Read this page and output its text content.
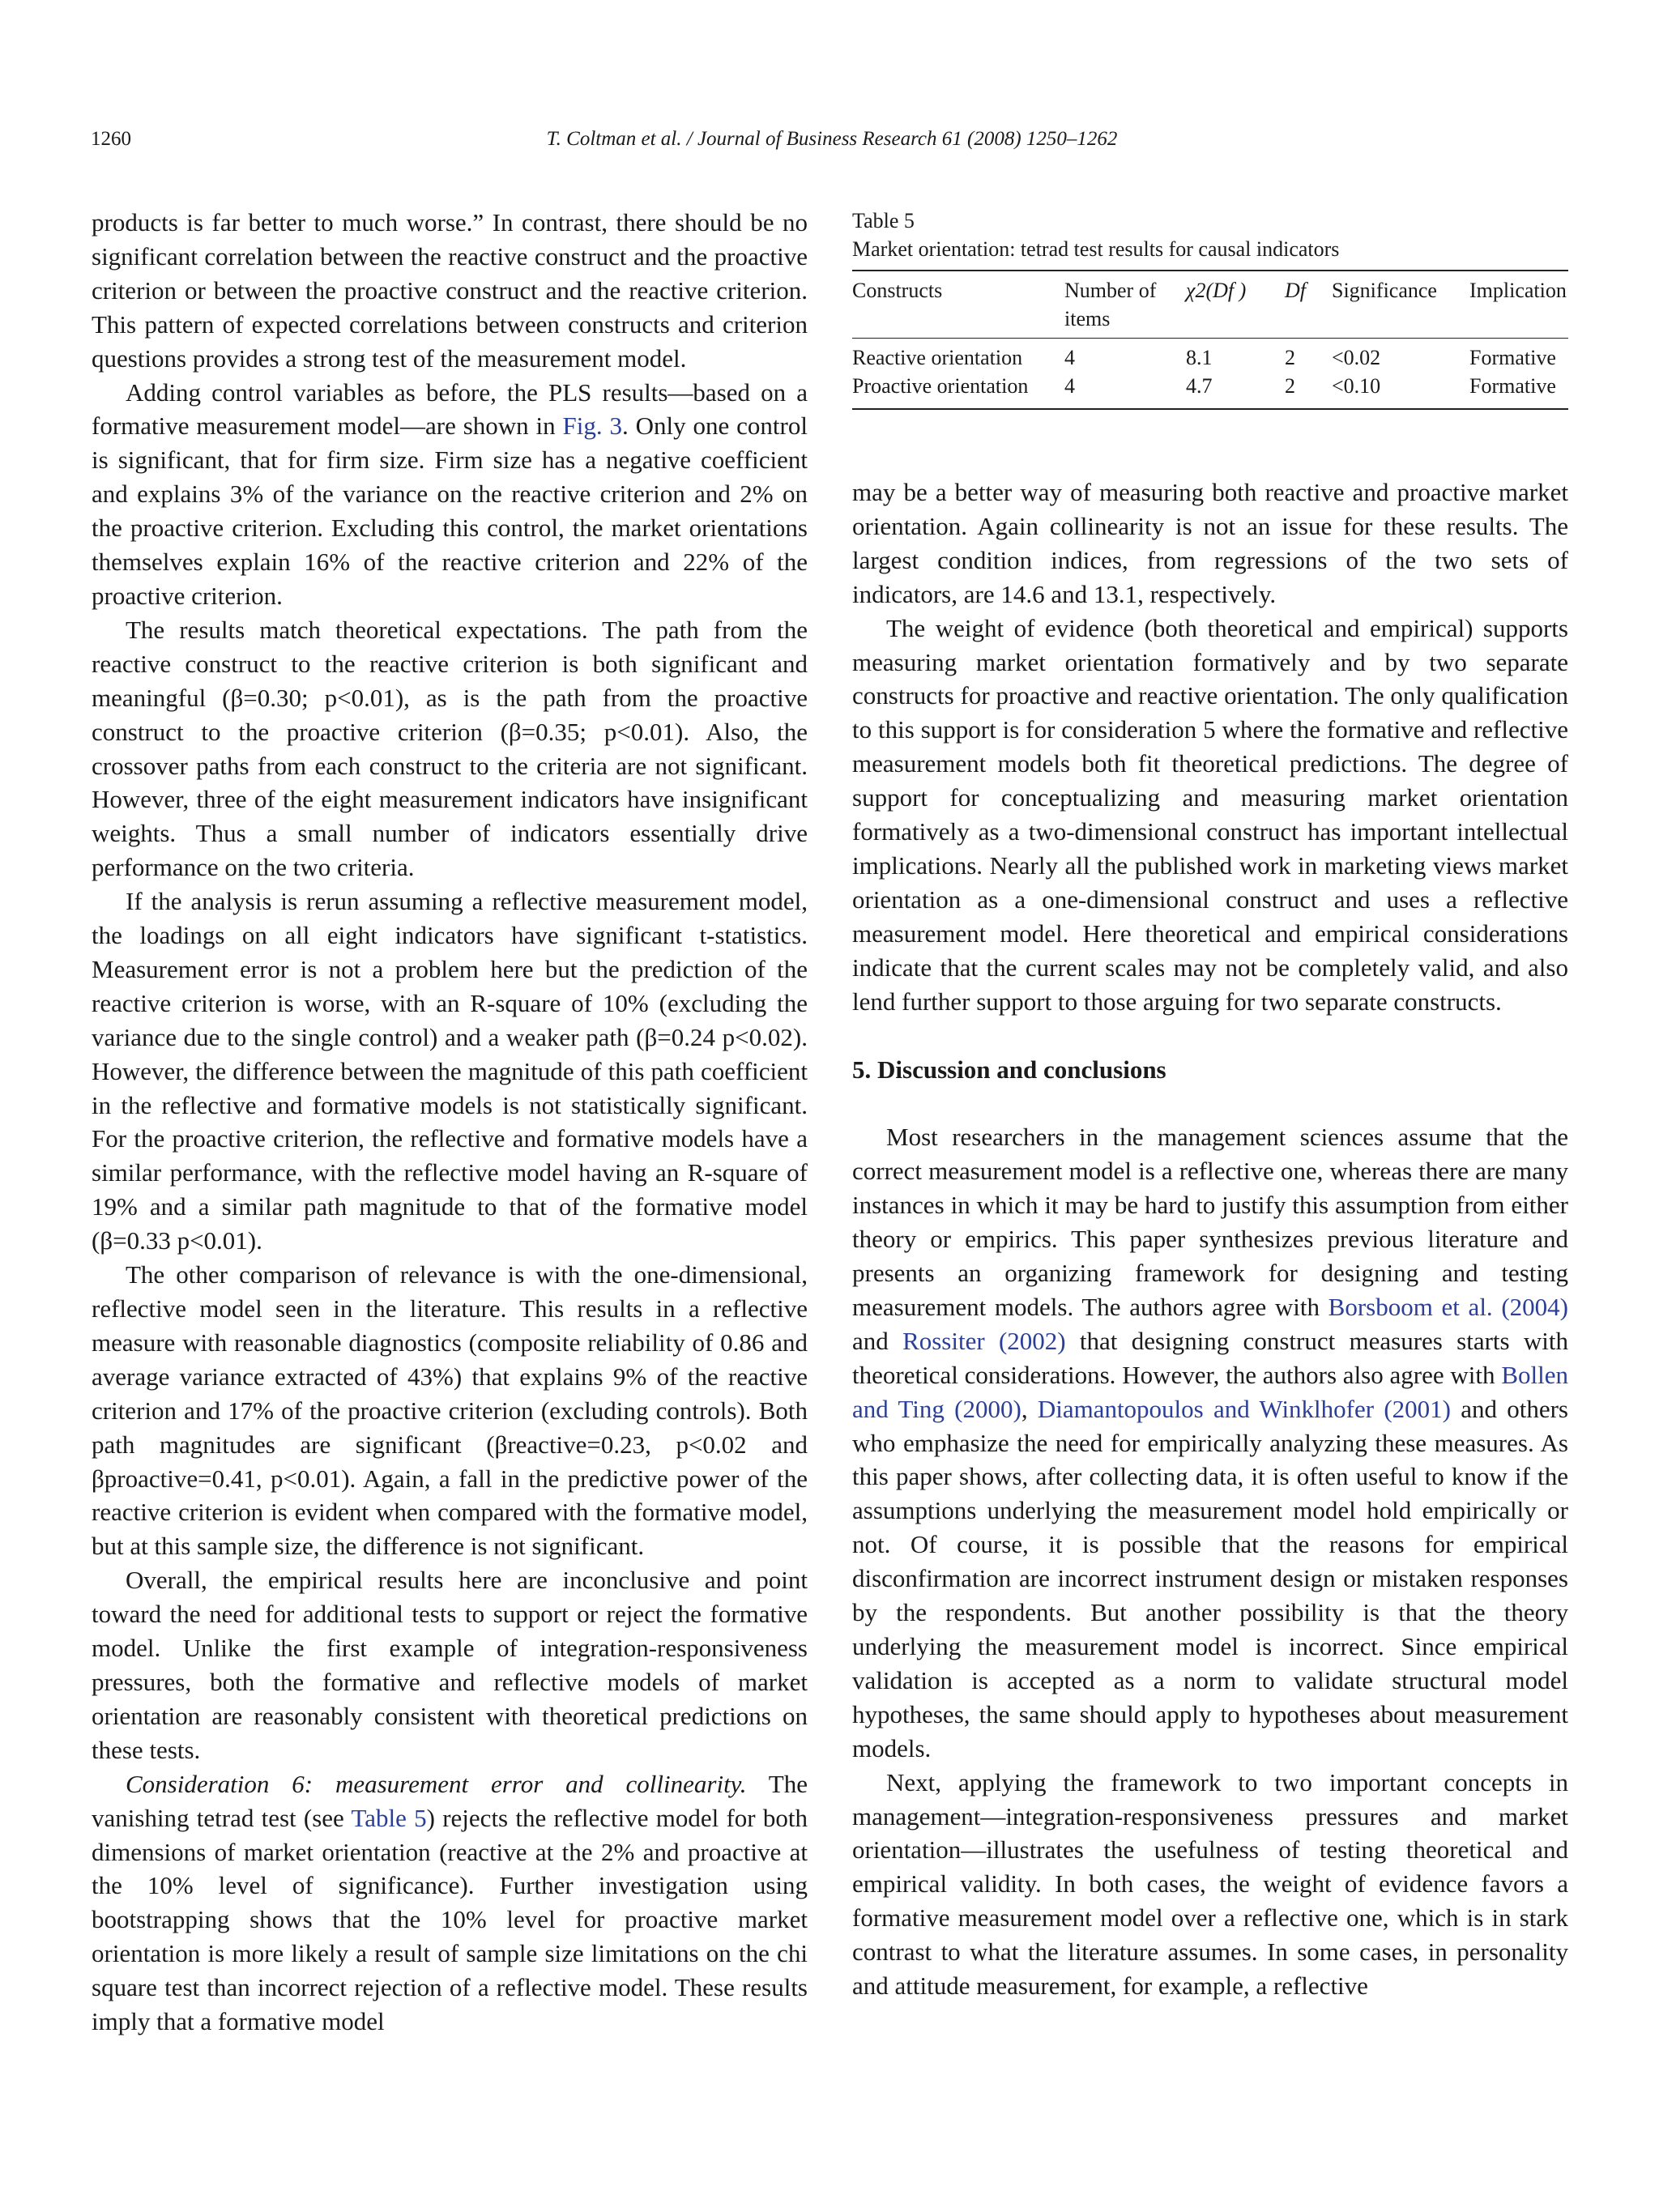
1260	T. Coltman et al. / Journal of Business Research 61 (2008) 1250–1262

products is far better to much worse.” In contrast, there should be no significant correlation between the reactive construct and the proactive criterion or between the proactive construct and the reactive criterion. This pattern of expected correlations between constructs and criterion questions provides a strong test of the measurement model.

Adding control variables as before, the PLS results—based on a formative measurement model—are shown in Fig. 3. Only one control is significant, that for firm size. Firm size has a negative coefficient and explains 3% of the variance on the reactive criterion and 2% on the proactive criterion. Excluding this control, the market orientations themselves explain 16% of the reactive criterion and 22% of the proactive criterion.

The results match theoretical expectations. The path from the reactive construct to the reactive criterion is both significant and meaningful (β=0.30; p<0.01), as is the path from the proactive construct to the proactive criterion (β=0.35; p<0.01). Also, the crossover paths from each construct to the criteria are not significant. However, three of the eight measurement indicators have insignificant weights. Thus a small number of indicators essentially drive performance on the two criteria.

If the analysis is rerun assuming a reflective measurement model, the loadings on all eight indicators have significant t-statistics. Measurement error is not a problem here but the prediction of the reactive criterion is worse, with an R-square of 10% (excluding the variance due to the single control) and a weaker path (β=0.24 p<0.02). However, the difference between the magnitude of this path coefficient in the reflective and formative models is not statistically significant. For the proactive criterion, the reflective and formative models have a similar performance, with the reflective model having an R-square of 19% and a similar path magnitude to that of the formative model (β=0.33 p<0.01).

The other comparison of relevance is with the one-dimensional, reflective model seen in the literature. This results in a reflective measure with reasonable diagnostics (composite reliability of 0.86 and average variance extracted of 43%) that explains 9% of the reactive criterion and 17% of the proactive criterion (excluding controls). Both path magnitudes are significant (βreactive=0.23, p<0.02 and βproactive=0.41, p<0.01). Again, a fall in the predictive power of the reactive criterion is evident when compared with the formative model, but at this sample size, the difference is not significant.

Overall, the empirical results here are inconclusive and point toward the need for additional tests to support or reject the formative model. Unlike the first example of integration-responsiveness pressures, both the formative and reflective models of market orientation are reasonably consistent with theoretical predictions on these tests.

Consideration 6: measurement error and collinearity. The vanishing tetrad test (see Table 5) rejects the reflective model for both dimensions of market orientation (reactive at the 2% and proactive at the 10% level of significance). Further investigation using bootstrapping shows that the 10% level for proactive market orientation is more likely a result of sample size limitations on the chi square test than incorrect rejection of a reflective model. These results imply that a formative model

Table 5
Market orientation: tetrad test results for causal indicators
Constructs	Number of items	χ2(Df )	Df	Significance	Implication

Reactive orientation	4	8.1	2	<0.02	Formative
Proactive orientation	4	4.7	2	<0.10	Formative

may be a better way of measuring both reactive and proactive market orientation. Again collinearity is not an issue for these results. The largest condition indices, from regressions of the two sets of indicators, are 14.6 and 13.1, respectively.

The weight of evidence (both theoretical and empirical) supports measuring market orientation formatively and by two separate constructs for proactive and reactive orientation. The only qualification to this support is for consideration 5 where the formative and reflective measurement models both fit theoretical predictions. The degree of support for conceptualizing and measuring market orientation formatively as a two-dimensional construct has important intellectual implications. Nearly all the published work in marketing views market orientation as a one-dimensional construct and uses a reflective measurement model. Here theoretical and empirical considerations indicate that the current scales may not be completely valid, and also lend further support to those arguing for two separate constructs.

5. Discussion and conclusions

Most researchers in the management sciences assume that the correct measurement model is a reflective one, whereas there are many instances in which it may be hard to justify this assumption from either theory or empirics. This paper synthesizes previous literature and presents an organizing framework for designing and testing measurement models. The authors agree with Borsboom et al. (2004) and Rossiter (2002) that designing construct measures starts with theoretical considerations. However, the authors also agree with Bollen and Ting (2000), Diamantopoulos and Winklhofer (2001) and others who emphasize the need for empirically analyzing these measures. As this paper shows, after collecting data, it is often useful to know if the assumptions underlying the measurement model hold empirically or not. Of course, it is possible that the reasons for empirical disconfirmation are incorrect instrument design or mistaken responses by the respondents. But another possibility is that the theory underlying the measurement model is incorrect. Since empirical validation is accepted as a norm to validate structural model hypotheses, the same should apply to hypotheses about measurement models.

Next, applying the framework to two important concepts in management—integration-responsiveness pressures and market orientation—illustrates the usefulness of testing theoretical and empirical validity. In both cases, the weight of evidence favors a formative measurement model over a reflective one, which is in stark contrast to what the literature assumes. In some cases, in personality and attitude measurement, for example, a reflective
